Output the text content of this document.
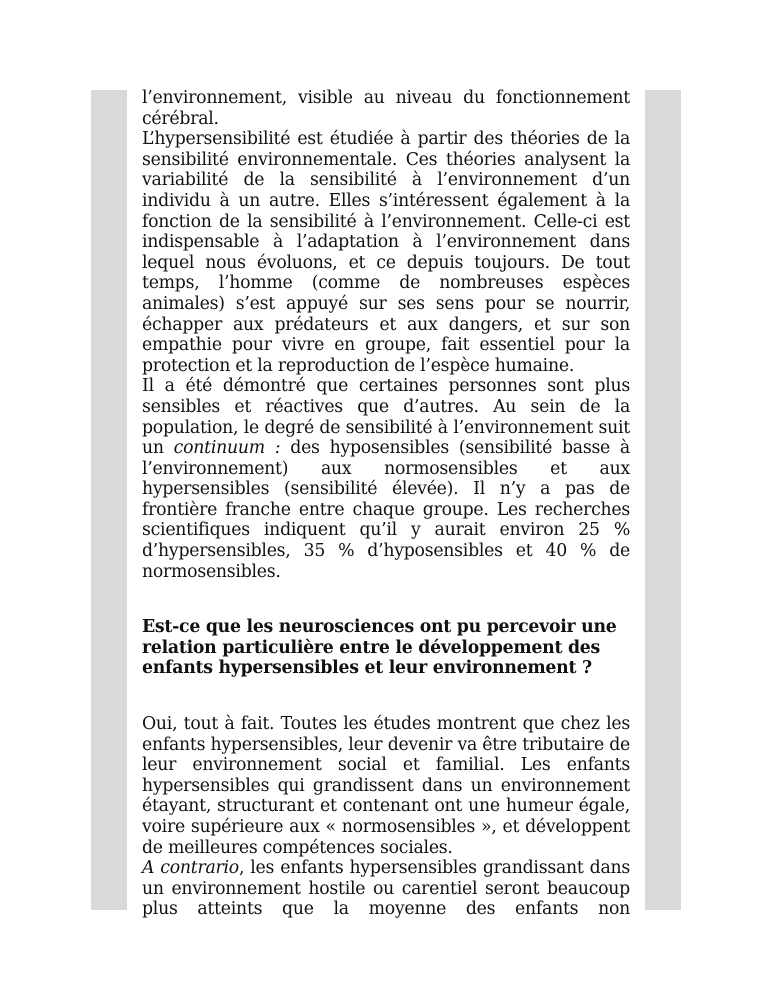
l’environnement, visible au niveau du fonctionnement cérébral.

L’hypersensibilité est étudiée à partir des théories de la sensibilité environnementale. Ces théories analysent la variabilité de la sensibilité à l’environnement d’un individu à un autre. Elles s’intéressent également à la fonction de la sensibilité à l’environnement. Celle-ci est indispensable à l’adaptation à l’environnement dans lequel nous évoluons, et ce depuis toujours. De tout temps, l’homme (comme de nombreuses espèces animales) s’est appuyé sur ses sens pour se nourrir, échapper aux prédateurs et aux dangers, et sur son empathie pour vivre en groupe, fait essentiel pour la protection et la reproduction de l’espèce humaine.

Il a été démontré que certaines personnes sont plus sensibles et réactives que d’autres. Au sein de la population, le degré de sensibilité à l’environnement suit un continuum : des hyposensibles (sensibilité basse à l’environnement) aux normosensibles et aux hypersensibles (sensibilité élevée). Il n’y a pas de frontière franche entre chaque groupe. Les recherches scientifiques indiquent qu’il y aurait environ 25 % d’hypersensibles, 35 % d’hyposensibles et 40 % de normosensibles.

Est-ce que les neurosciences ont pu percevoir une relation particulière entre le développement des enfants hypersensibles et leur environnement ?

Oui, tout à fait. Toutes les études montrent que chez les enfants hypersensibles, leur devenir va être tributaire de leur environnement social et familial. Les enfants hypersensibles qui grandissent dans un environnement étayant, structurant et contenant ont une humeur égale, voire supérieure aux « normosensibles », et développent de meilleures compétences sociales.

A contrario, les enfants hypersensibles grandissant dans un environnement hostile ou carentiel seront beaucoup plus atteints que la moyenne des enfants non
